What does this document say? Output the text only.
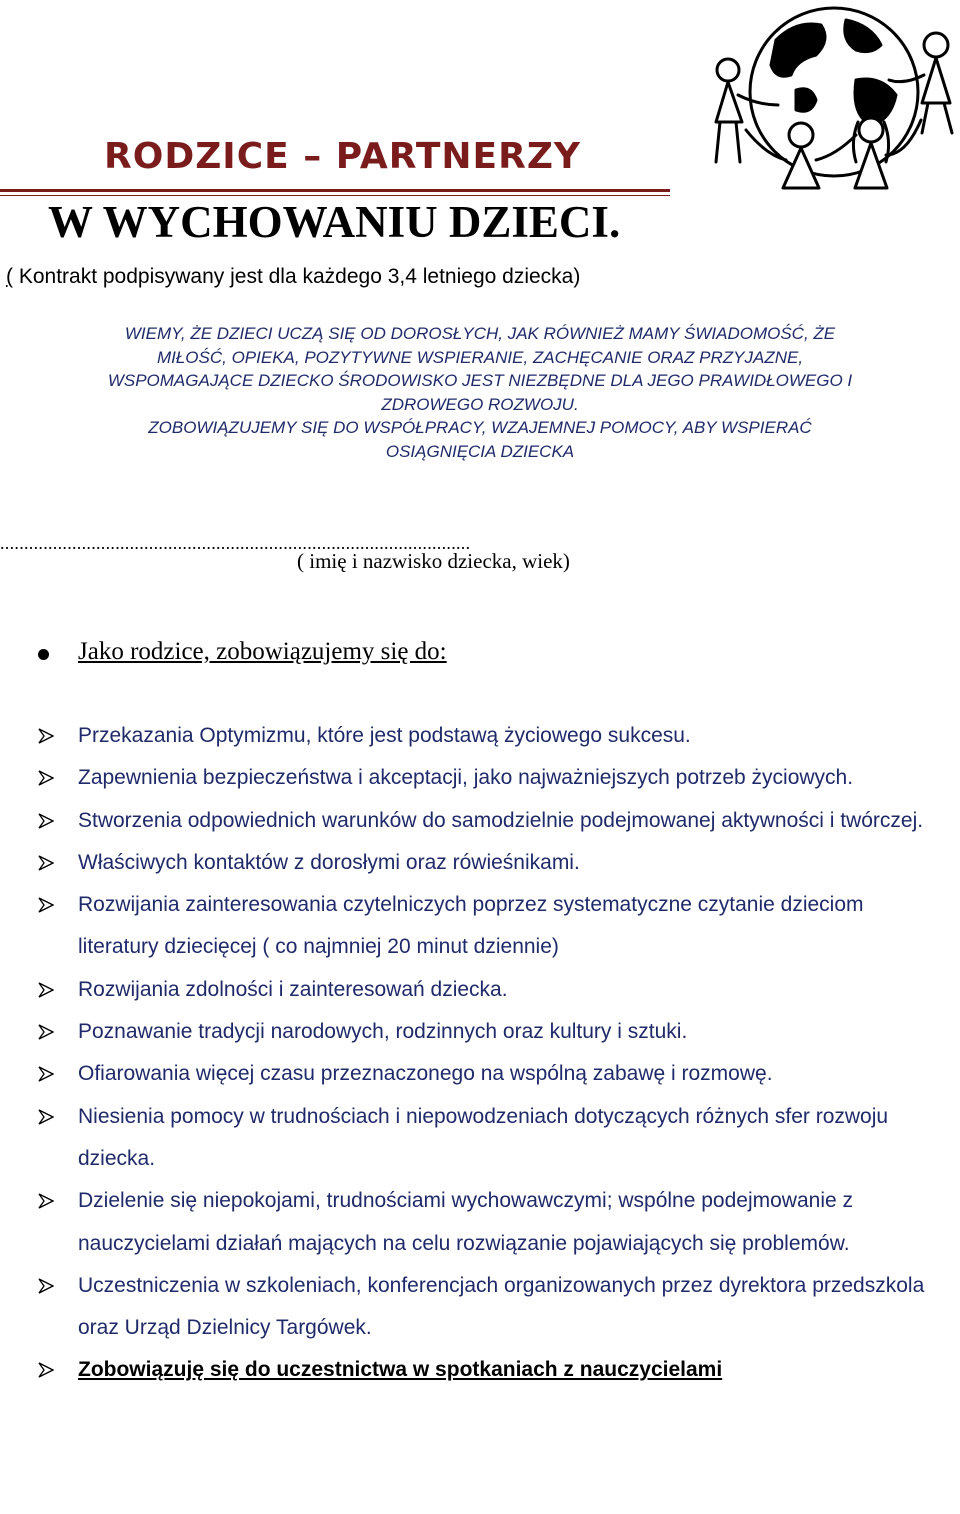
RODZICE – PARTNERZY
W WYCHOWANIU DZIECI.
( Kontrakt podpisywany jest dla każdego 3,4 letniego dziecka)

WIEMY, ŻE DZIECI UCZĄ SIĘ OD DOROSŁYCH, JAK RÓWNIEŻ MAMY ŚWIADOMOŚĆ, ŻE

MIŁOŚĆ, OPIEKA, POZYTYWNE WSPIERANIE, ZACHĘCANIE ORAZ PRZYJAZNE,

WSPOMAGAJĄCE DZIECKO ŚRODOWISKO JEST NIEZBĘDNE DLA JEGO PRAWIDŁOWEGO I

ZDROWEGO ROZWOJU.

ZOBOWIĄZUJEMY SIĘ DO WSPÓŁPRACY, WZAJEMNEJ POMOCY, ABY WSPIERAĆ

OSIĄGNIĘCIA DZIECKA

..................................................................................................
( imię i nazwisko dziecka, wiek)
Jako rodzice, zobowiązujemy się do:
Przekazania Optymizmu, które jest podstawą życiowego sukcesu.
Zapewnienia bezpieczeństwa i akceptacji, jako najważniejszych potrzeb życiowych.
Stworzenia odpowiednich warunków do samodzielnie podejmowanej aktywności i twórczej.
Właściwych kontaktów z dorosłymi oraz rówieśnikami.
Rozwijania zainteresowania czytelniczych poprzez systematyczne czytanie dzieciom literatury dziecięcej ( co najmniej 20 minut dziennie)
Rozwijania zdolności i zainteresowań dziecka.
Poznawanie tradycji narodowych, rodzinnych oraz kultury i sztuki.
Ofiarowania więcej czasu przeznaczonego na wspólną zabawę i rozmowę.
Niesienia pomocy w trudnościach i niepowodzeniach dotyczących różnych sfer rozwoju dziecka.
Dzielenie się niepokojami, trudnościami wychowawczymi; wspólne podejmowanie z nauczycielami działań mających na celu rozwiązanie pojawiających się problemów.
Uczestniczenia w szkoleniach, konferencjach organizowanych przez dyrektora przedszkola oraz Urząd Dzielnicy Targówek.
Zobowiązuję się do uczestnictwa w spotkaniach z nauczycielami
